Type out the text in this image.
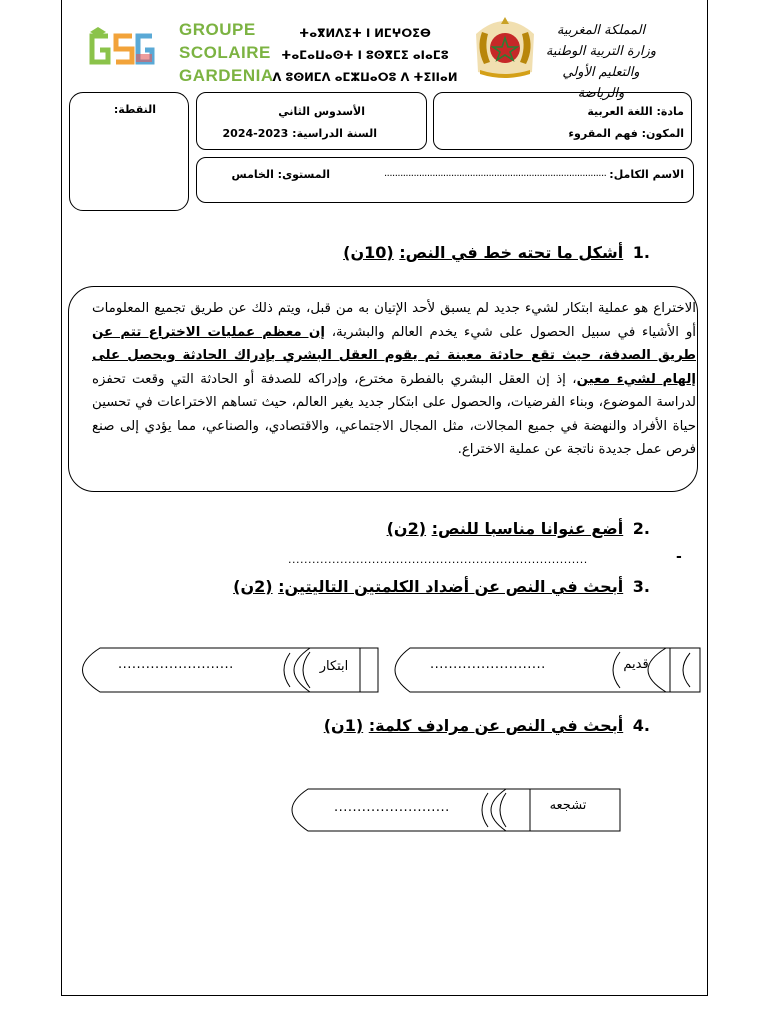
GROUPE
SCOLAIRE
GARDENIA
ⵜⴰⴳⵍⴷⵉⵜ ⵏ ⵍⵎⵖⵔⵉⴱ
ⵜⴰⵎⴰⵡⴰⵙⵜ ⵏ ⵓⵙⴳⵎⵉ ⴰⵏⴰⵎⵓ
ⴷ ⵓⵙⵍⵎⴷ ⴰⵎⵣⵡⴰⵔⵓ ⴷ ⵜⵉⵏⵏⴰⵍ
المملكة المغربية
وزارة التربية الوطنية
والتعليم الأولي والرياضة
النقطة:	الأسدوس الثاني
السنة الدراسية: 2023-2024
مادة: اللغة العربية
المكون: فهم المقروء
الاسم الكامل:
...................................................................................
المستوى: الخامس
.1 أشكل ما تحته خط في النص: (10ن)
الاختراع هو عملية ابتكار لشيء جديد لم يسبق لأحد الإتيان به من قبل، ويتم ذلك عن طريق تجميع المعلومات أو الأشياء في سبيل الحصول على شيء يخدم العالم والبشرية، إن معظم عمليات الاختراع تتم عن طريق الصدفة، حيث تقع حادثة معينة ثم يقوم العقل البشري بإدراك الحادثة ويحصل على إلهام لشيء معين، إذ إن العقل البشري بالفطرة مخترع، وإدراكه للصدفة أو الحادثة التي وقعت تحفزه لدراسة الموضوع، وبناء الفرضيات، والحصول على ابتكار جديد يغير العالم، حيث تساهم الاختراعات في تحسين حياة الأفراد والنهضة في جميع المجالات، مثل المجال الاجتماعي، والاقتصادي، والصناعي، مما يؤدي إلى صنع فرص عمل جديدة ناتجة عن عملية الاختراع.
.2 أضع عنوانا مناسبا للنص: (2ن)
...........................................................................	-
.3 أبحث في النص عن أضداد الكلمتين التاليتين: (2ن)
قديم
.........................
ابتكار
.........................
.4 أبحث في النص عن مرادف كلمة: (1ن)
تشجعه
.........................
